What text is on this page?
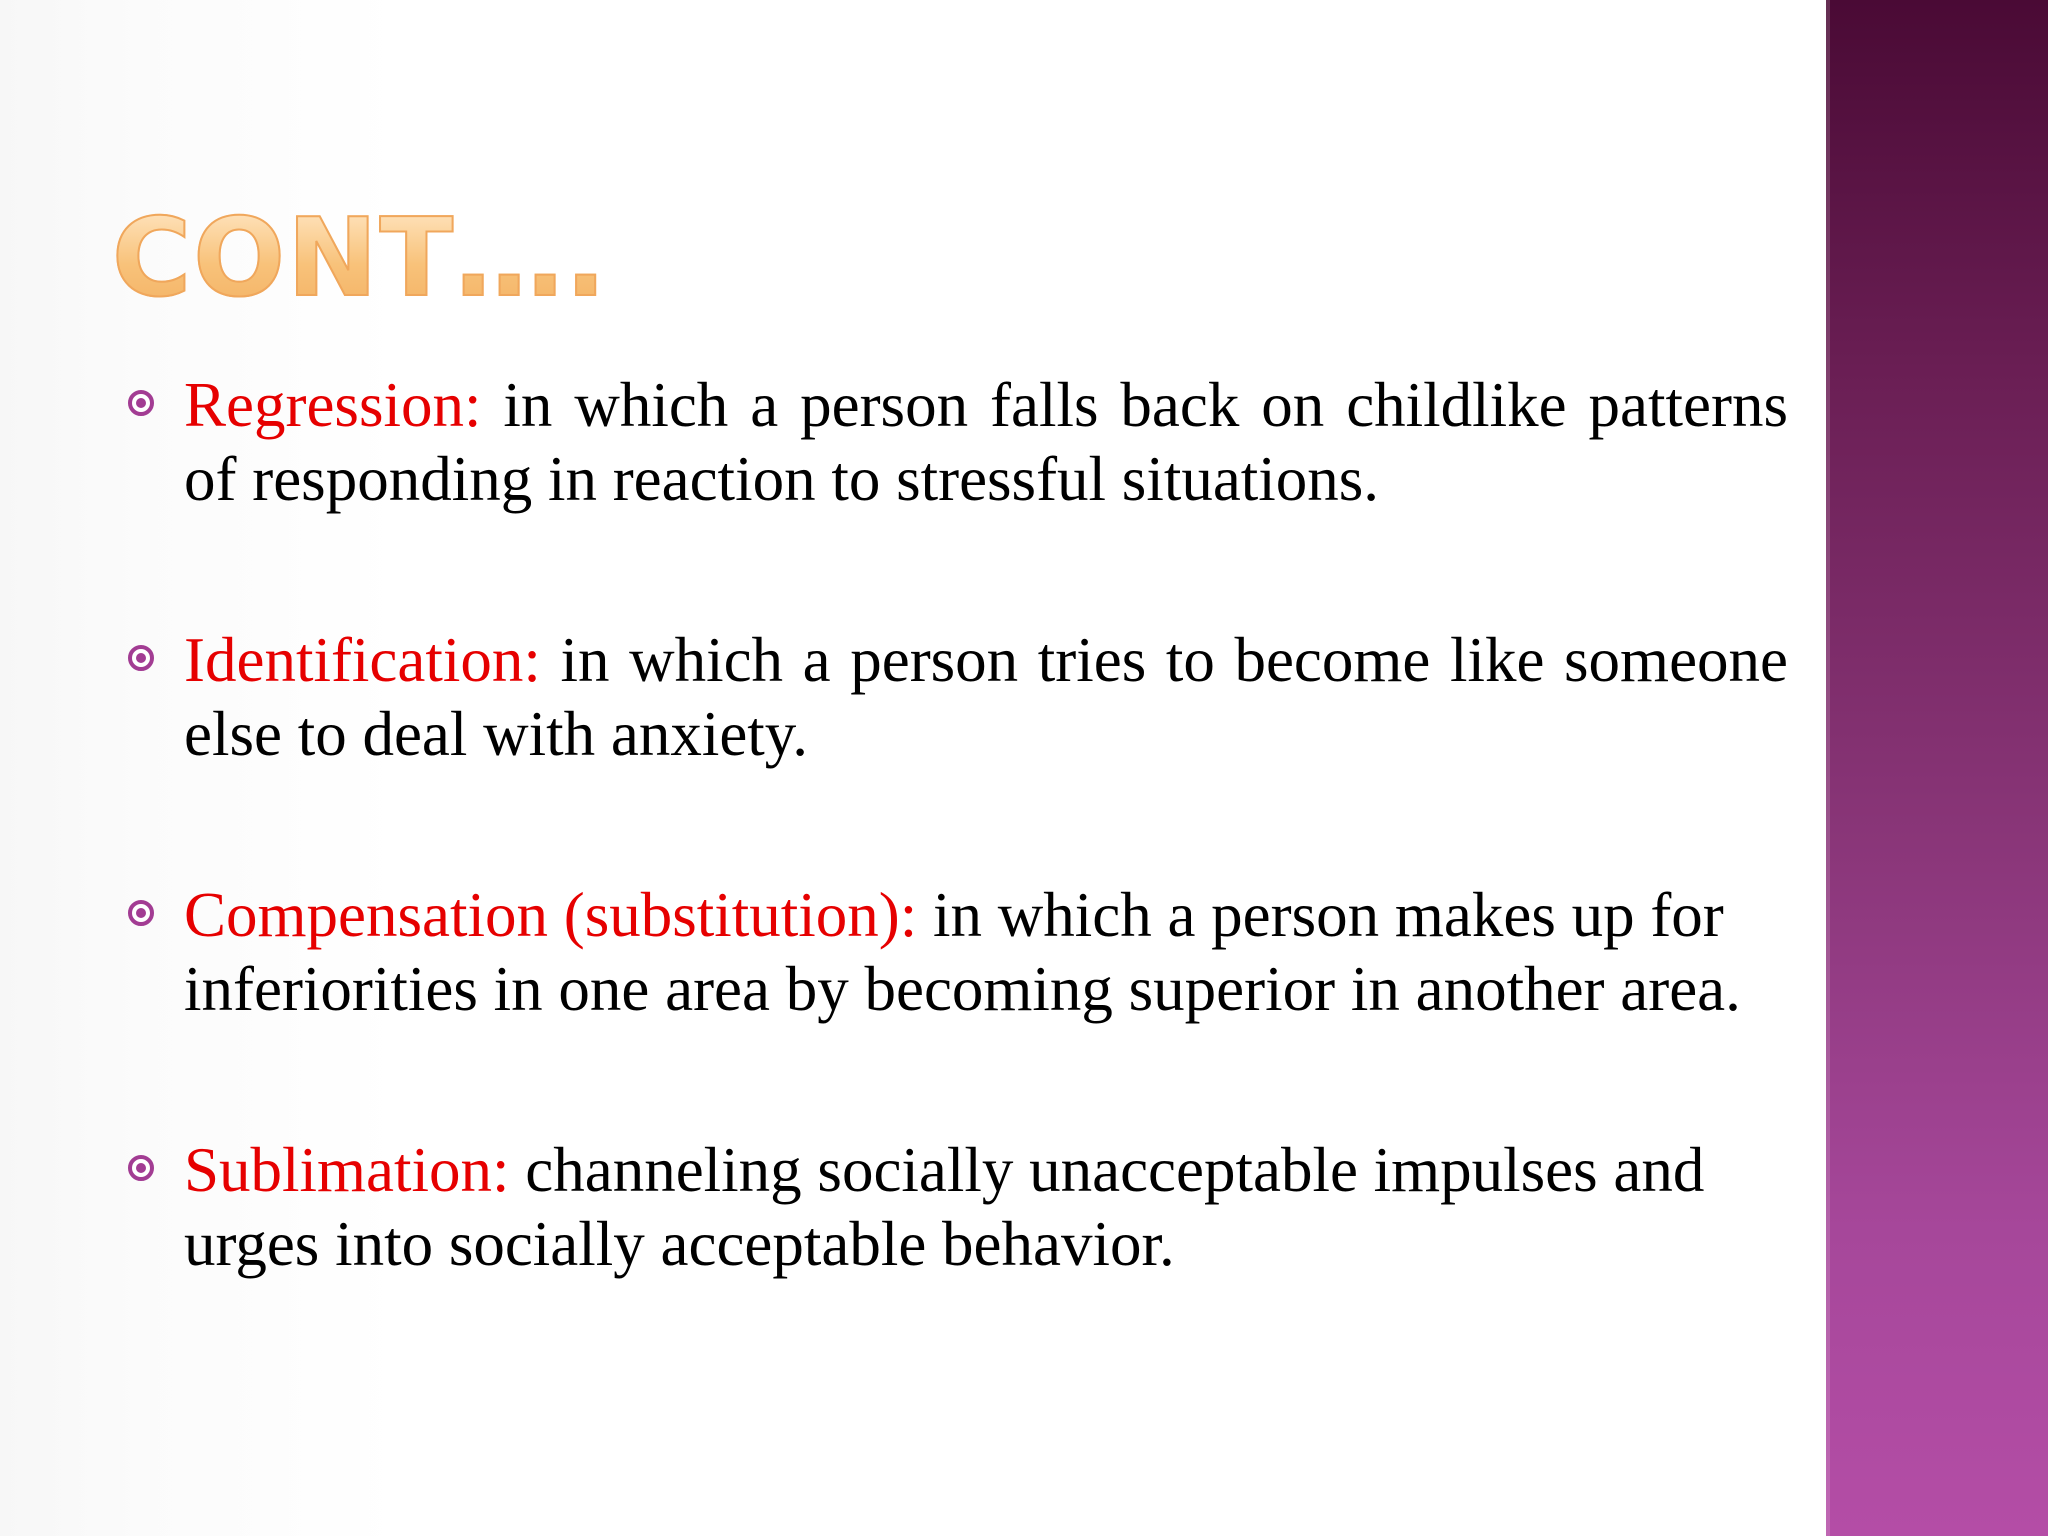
CONT….
Regression: in which a person falls back on childlike patterns of responding in reaction to stressful situations.
Identification: in which a person tries to become like someone else to deal with anxiety.
Compensation (substitution): in which a person makes up for inferiorities in one area by becoming superior in another area.
Sublimation: channeling socially unacceptable impulses and urges into socially acceptable behavior.
